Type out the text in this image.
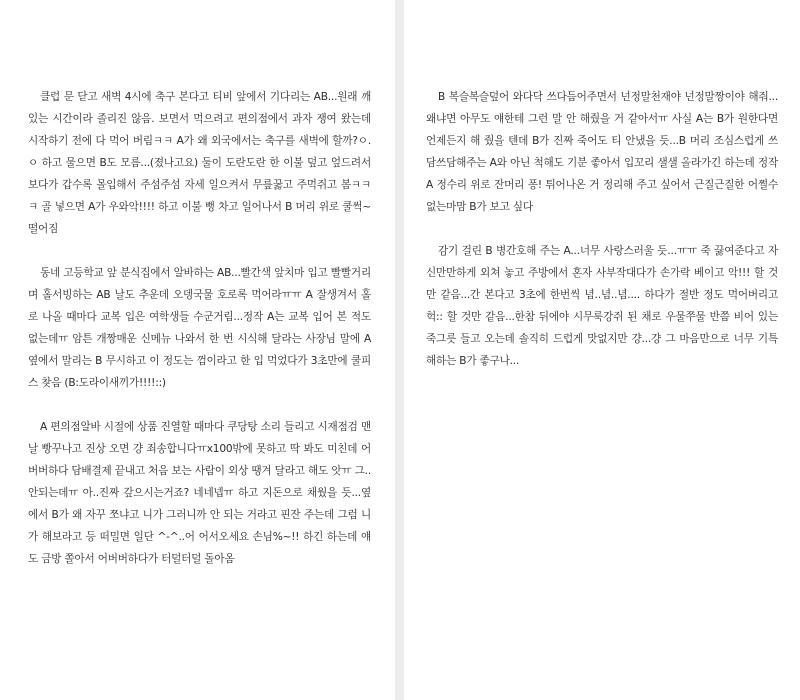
클럽 문 닫고 새벽 4시에 축구 본다고 티비 앞에서 기다리는 AB...원래 깨 있는 시간이라 졸리진 않음. 보면서 먹으려고 편의점에서 과자 쟁여 왔는데 시작하기 전에 다 먹어 버림ㅋㅋ A가 왜 외국에서는 축구를 새벽에 할까?ㅇ.ㅇ 하고 물으면 B도 모름...(졌나고요) 둘이 도란도란 한 이불 덮고 엎드려서 보다가 갑수록 몰입해서 주섬주섬 자세 일으켜서 무릎꿇고 주먹쥐고 봄ㅋㅋㅋ 골 넣으면 A가 우와악!!!! 하고 이불 뻥 차고 일어나서 B 머리 위로 쿨썩~ 떨어짐

동네 고등학교 앞 분식집에서 알바하는 AB...빨간색 앞치마 입고 빨빨거리며 홀서빙하는 AB 날도 추운데 오뎅국물 호로록 먹어라ㅠㅠ A 잘생겨서 홀로 나올 때마다 교복 입은 여학생들 수군거림...정작 A는 교복 입어 본 적도 없는데ㅠ 암튼 개짱매운 신메뉴 나와서 한 번 시식해 달라는 사장님 말에 A 옆에서 말리는 B 무시하고 이 정도는 껌이라고 한 입 먹었다가 3초만에 쿨피스 찾음 (B:도라이새끼가!!!!::)

A 편의점알바 시절에 상품 진열할 때마다 쿠당탕 소리 들리고 시재점검 맨날 빵꾸나고 진상 오면 걍 죄송합니다ㅠx100밖에 못하고 딱 봐도 미친데 어버버하다 담배결제 끝내고 처음 보는 사람이 외상 땡겨 달라고 해도 앗ㅠ 그..안되는데ㅠ 아..진짜 갚으시는거죠? 네네넵ㅠ 하고 지돈으로 채웠을 듯...옆에서 B가 왜 자꾸 쪼냐고 니가 그러니까 안 되는 거라고 핀잔 주는데 그럼 니가 해보라고 등 떠밀면 일단 ^-^..어 어서오세요 손님%~!! 하긴 하는데 얘도 금방 쫄아서 어버버하다가 터덜터덜 돌아옴

B 복슬복슬덮어 와다닥 쓰다듬어주면서 넌정말천재야 넌정말짱이야 해줘...왜냐면 아무도 얘한테 그런 말 안 해줬을 거 같아서ㅠ 사실 A는 B가 원한다면 언제든지 해 줬을 텐데 B가 진짜 죽어도 티 안냈을 듯...B 머리 조심스럽게 쓰담쓰담해주는 A와 아닌 척해도 기분 좋아서 입꼬리 샐샐 올라가긴 하는데 정작 A 정수리 위로 잔머리 퐁! 튀어나온 거 정리해 주고 싶어서 근질근질한 어쩔수없는마맘 B가 보고 싶다

감기 걸린 B 병간호해 주는 A...너무 사랑스러울 듯...ㅠㅠ 죽 끓여준다고 자신만만하게 외쳐 놓고 주방에서 혼자 사부작대다가 손가락 베이고 악!!! 할 것만 같음...간 본다고 3초에 한번씩 념..념..념.... 하다가 절반 정도 먹어버리고 헉:: 할 것만 같음...한참 뒤에야 시무룩강쥐 된 채로 우물쭈물 반쯤 비어 있는 죽그릇 들고 오는데 솔직히 드럽게 맛없지만 걍...걍 그 마음만으로 너무 기특해하는 B가 좋구나...
